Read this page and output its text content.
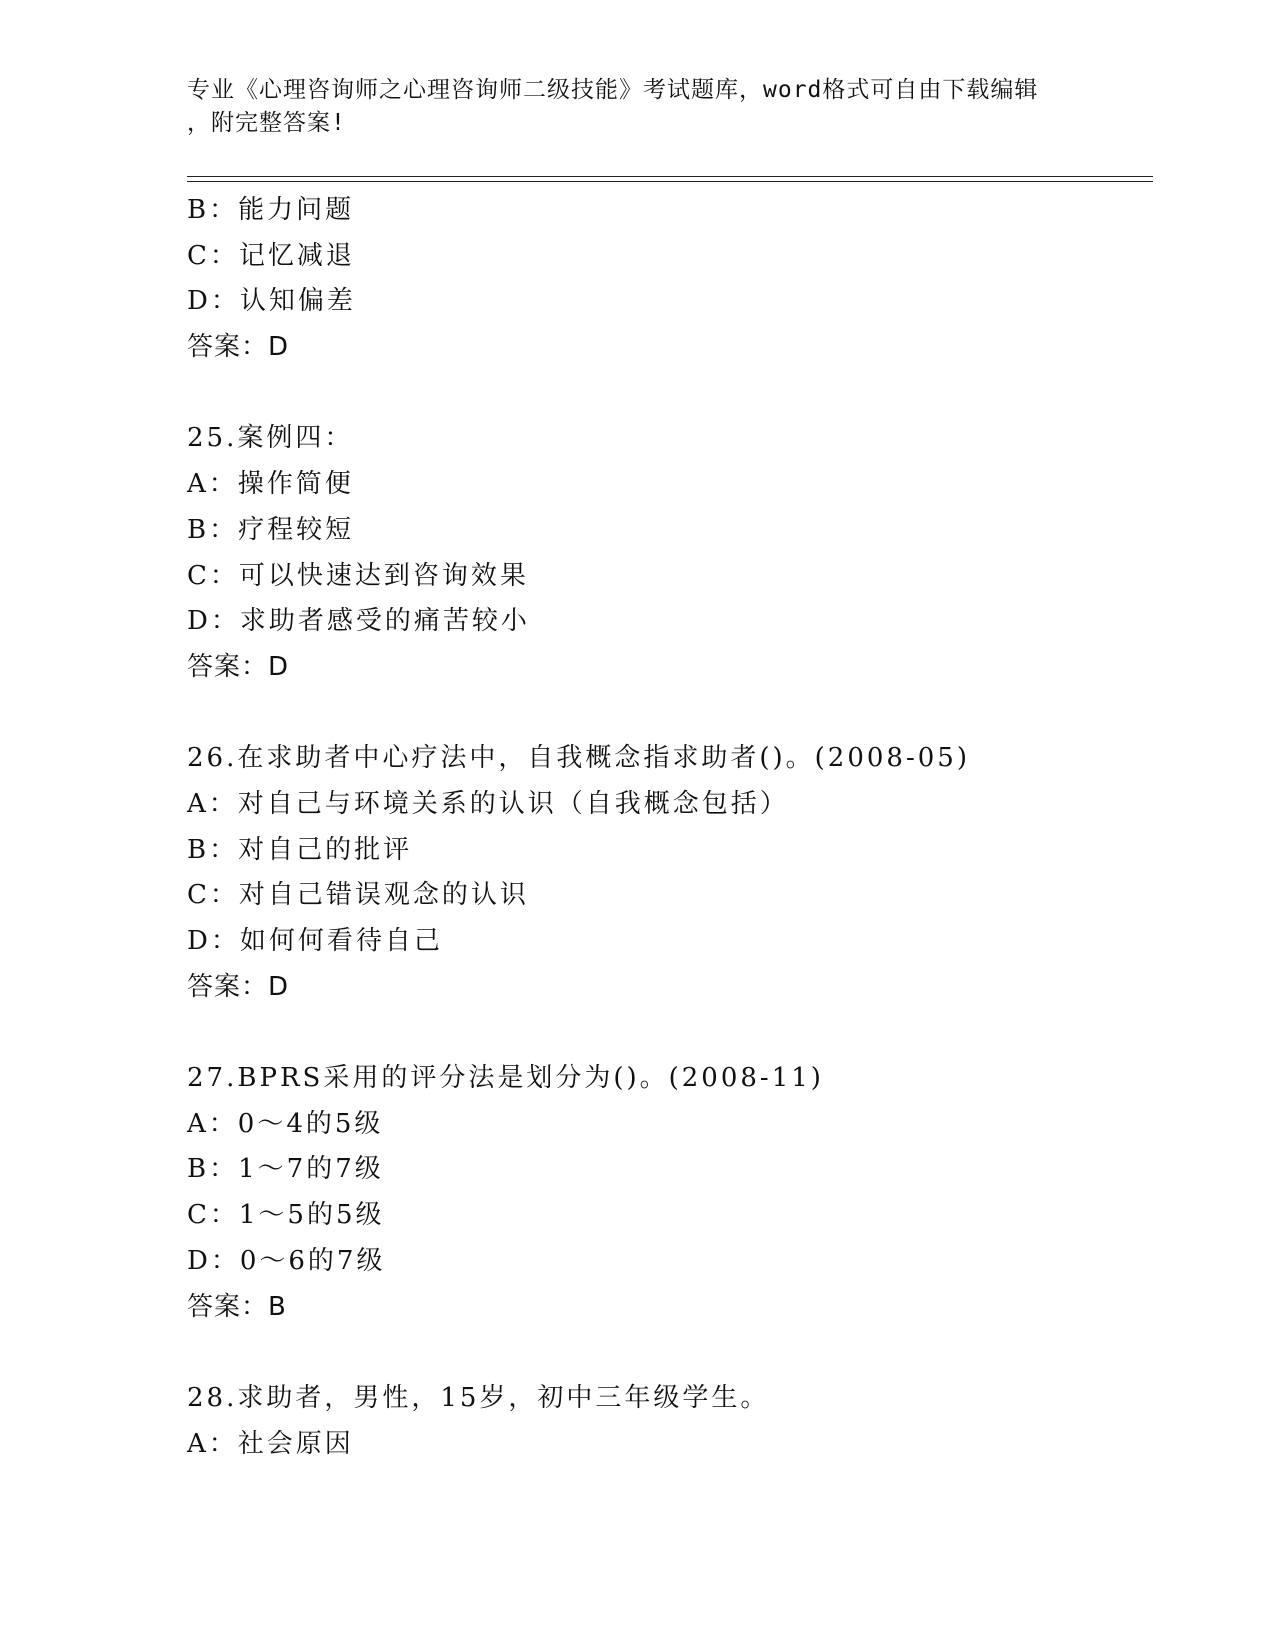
专业《心理咨询师之心理咨询师二级技能》考试题库，word格式可自由下载编辑
，附完整答案!
B：能力问题
C：记忆减退
D：认知偏差
答案：D
25.案例四：
A：操作简便
B：疗程较短
C：可以快速达到咨询效果
D：求助者感受的痛苦较小
答案：D
26.在求助者中心疗法中，自我概念指求助者()。(2008-05)
A：对自己与环境关系的认识（自我概念包括）
B：对自己的批评
C：对自己错误观念的认识
D：如何何看待自己
答案：D
27.BPRS采用的评分法是划分为()。(2008-11)
A：0～4的5级
B：1～7的7级
C：1～5的5级
D：0～6的7级
答案：B
28.求助者，男性，15岁，初中三年级学生。
A：社会原因
